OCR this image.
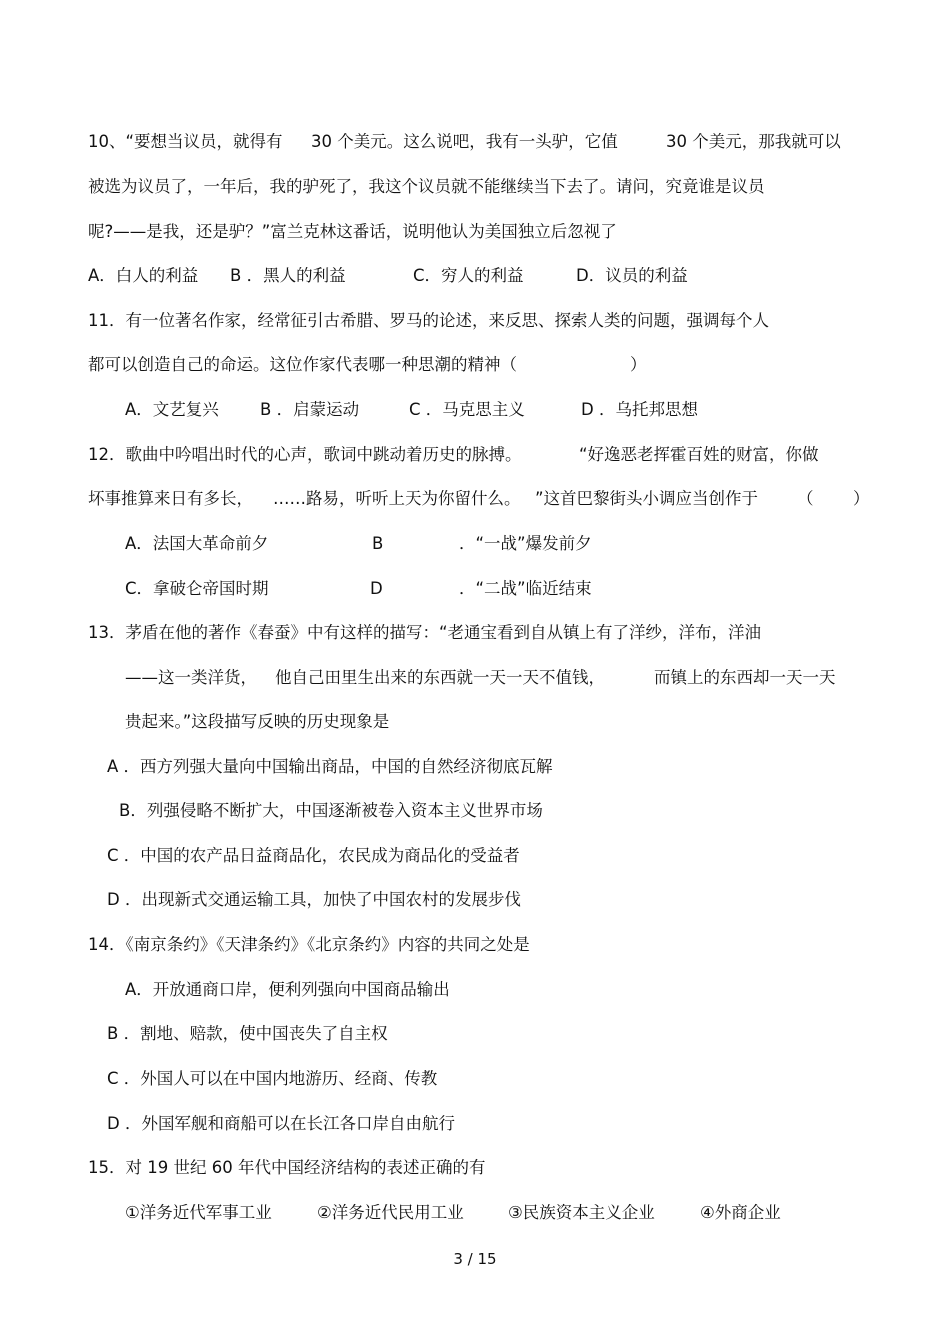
10、“要想当议员，就得有 30 个美元。这么说吧，我有一头驴，它值	30 个美元，那我就可以
被选为议员了，一年后，我的驴死了，我这个议员就不能继续当下去了。请问，究竟谁是议员
呢?——是我，还是驴？”富兰克林这番话，说明他认为美国独立后忽视了
A．白人的利益 B ．黑人的利益	C．穷人的利益	D．议员的利益
11．有一位著名作家，经常征引古希腊、罗马的论述，来反思、探索人类的问题，强调每个人
都可以创造自己的命运。这位作家代表哪一种思潮的精神（	）
A．文艺复兴 B ．启蒙运动	C ．马克思主义	D ．乌托邦思想
12．歌曲中吟唱出时代的心声，歌词中跳动着历史的脉搏。	“好逸恶老挥霍百姓的财富，你做
坏事推算来日有多长， ……路易，听听上天为你留什么。 ”这首巴黎街头小调应当创作于 （ ）
A．法国大革命前夕	B	．“一战”爆发前夕
C．拿破仑帝国时期	D	．“二战”临近结束
13．茅盾在他的著作《春蚕》中有这样的描写：“老通宝看到自从镇上有了洋纱，洋布，洋油
——这一类洋货， 他自己田里生出来的东西就一天一天不值钱，	而镇上的东西却一天一天
贵起来。”这段描写反映的历史现象是
A ．西方列强大量向中国输出商品，中国的自然经济彻底瓦解
B．列强侵略不断扩大，中国逐渐被卷入资本主义世界市场
C ．中国的农产品日益商品化，农民成为商品化的受益者
D ．出现新式交通运输工具，加快了中国农村的发展步伐
14．《南京条约》《天津条约》《北京条约》内容的共同之处是
A．开放通商口岸，便利列强向中国商品输出
B ．割地、赔款，使中国丧失了自主权
C ．外国人可以在中国内地游历、经商、传教
D ．外国军舰和商船可以在长江各口岸自由航行
15．对 19 世纪 60 年代中国经济结构的表述正确的有
①洋务近代军事工业	②洋务近代民用工业	③民族资本主义企业	④外商企业
3 / 15
